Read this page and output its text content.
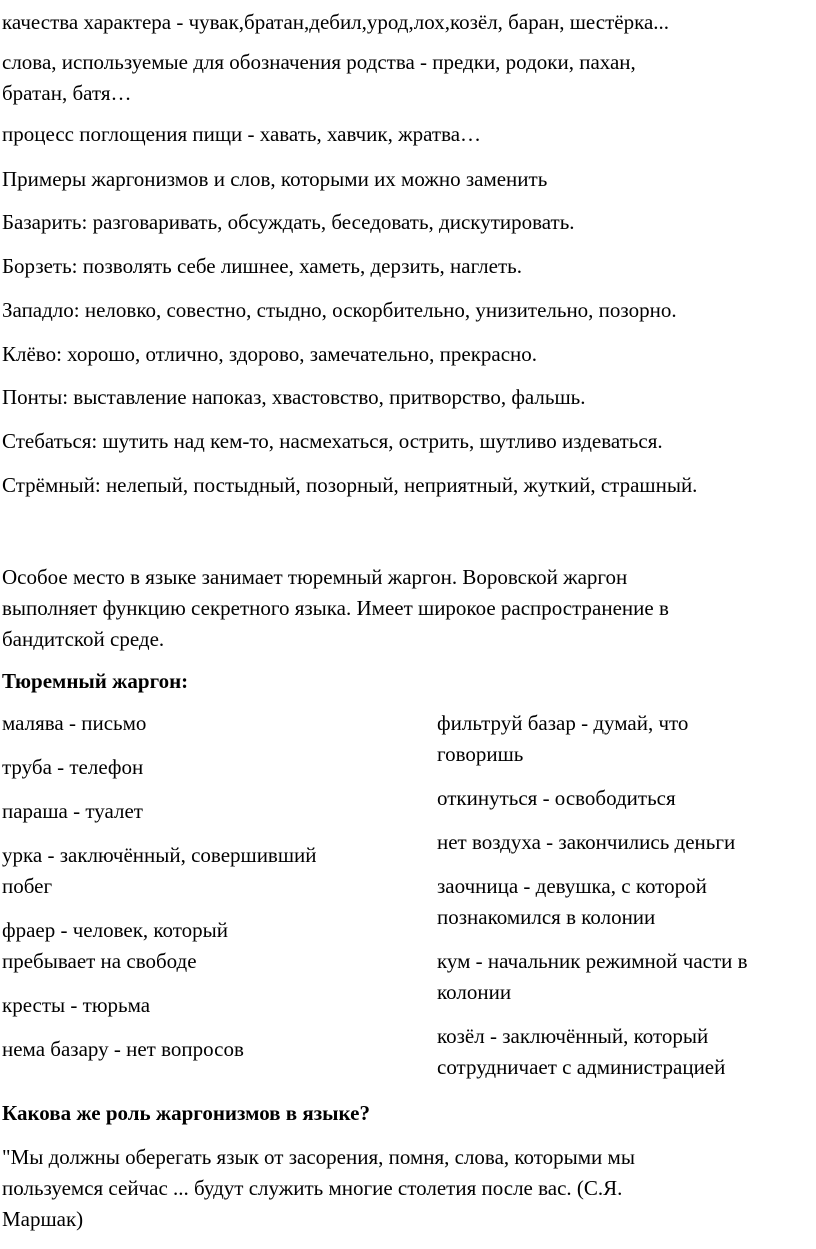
качества характера - чувак,братан,дебил,урод,лох,козёл, баран, шестёрка...

слова, используемые для обозначения родства - предки, родоки, пахан,

братан, батя…

процесс поглощения пищи - хавать, хавчик, жратва…

Примеры жаргонизмов и слов, которыми их можно заменить

Базарить: разговаривать, обсуждать, беседовать, дискутировать.

Борзеть: позволять себе лишнее, хаметь, дерзить, наглеть.

Западло: неловко, совестно, стыдно, оскорбительно, унизительно, позорно.

Клёво: хорошо, отлично, здорово, замечательно, прекрасно.

Понты: выставление напоказ, хвастовство, притворство, фальшь.

Стебаться: шутить над кем-то, насмехаться, острить, шутливо издеваться.

Стрёмный: нелепый, постыдный, позорный, неприятный, жуткий, страшный.

Особое место в языке занимает тюремный жаргон. Воровской жаргон

выполняет функцию секретного языка. Имеет широкое распространение в

бандитской среде.

Тюремный жаргон:

малява - письмо
труба - телефон
параша - туалет
урка - заключённый, совершивший
побег
фраер - человек, который
пребывает на свободе
кресты - тюрьма
нема базару - нет вопросов
фильтруй базар - думай, что
говоришь
откинуться - освободиться
нет воздуха - закончились деньги
заочница - девушка, с которой
познакомился в колонии
кум - начальник режимной части в
колонии
козёл - заключённый, который
сотрудничает с администрацией

Какова же роль жаргонизмов в языке?

"Мы должны оберегать язык от засорения, помня, слова, которыми мы

пользуемся сейчас ... будут служить многие столетия после вас. (С.Я.

Маршак)
